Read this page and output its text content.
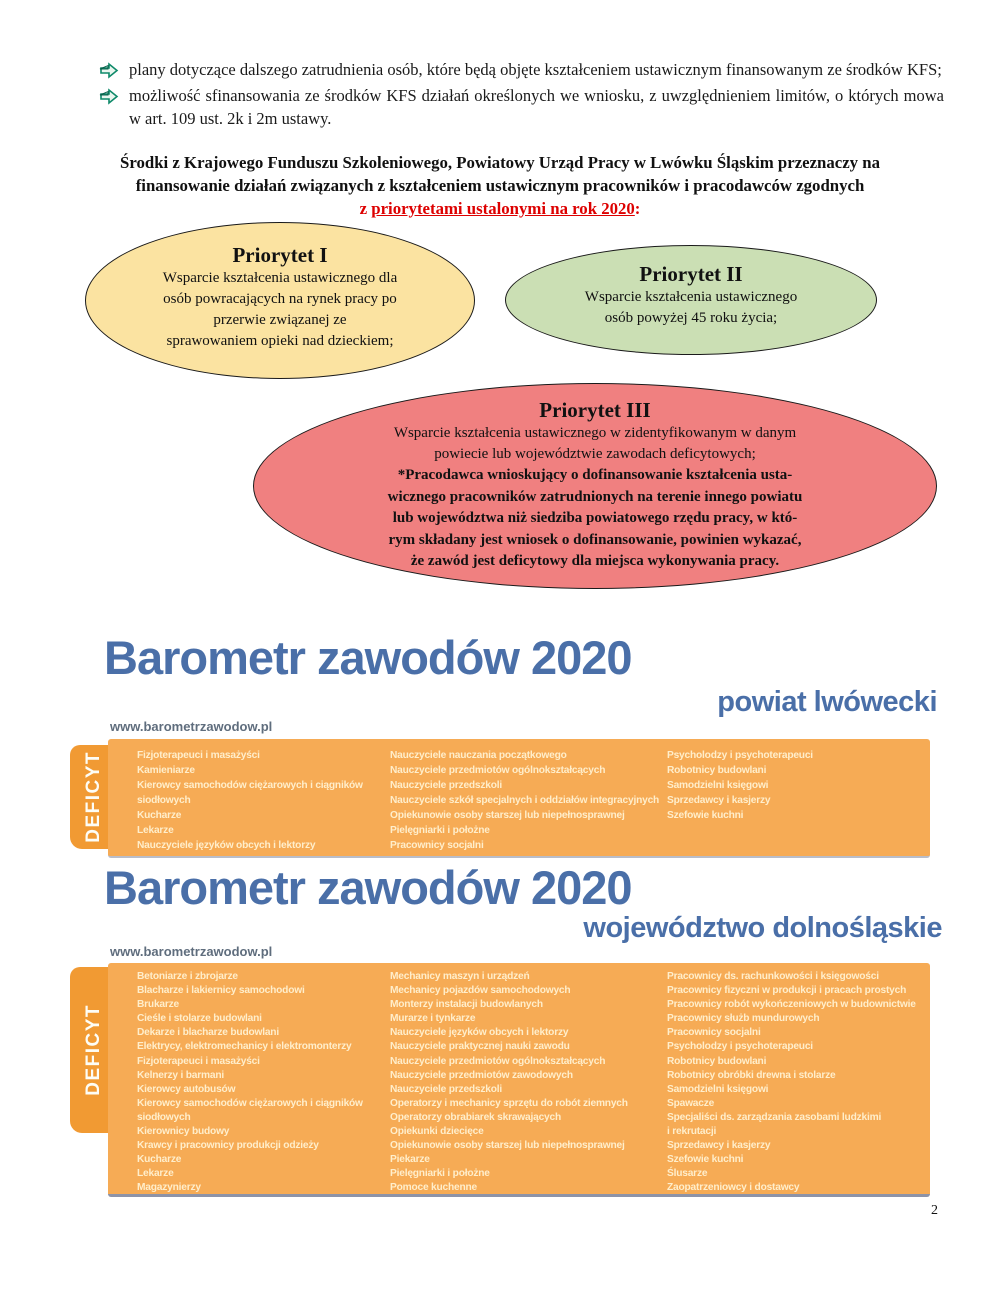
plany dotyczące dalszego zatrudnienia osób, które będą objęte kształceniem ustawicznym finansowanym ze środków KFS;
możliwość sfinansowania ze środków KFS działań określonych we wniosku, z uwzględnieniem limitów, o których mowa w art. 109 ust. 2k i 2m ustawy.
Środki z Krajowego Funduszu Szkoleniowego, Powiatowy Urząd Pracy w Lwówku Śląskim przeznaczy na
finansowanie działań związanych z kształceniem ustawicznym pracowników i pracodawców zgodnych
z priorytetami ustalonymi na rok 2020:
Priorytet I
Wsparcie kształcenia ustawicznego dla
osób powracających na rynek pracy po
przerwie związanej ze
sprawowaniem opieki nad dzieckiem;
Priorytet II
Wsparcie kształcenia ustawicznego
osób powyżej 45 roku życia;
Priorytet III
Wsparcie kształcenia ustawicznego w zidentyfikowanym w danym
powiecie lub województwie zawodach deficytowych;
*Pracodawca wnioskujący o dofinansowanie kształcenia usta-
wicznego pracowników zatrudnionych na terenie innego powiatu
lub województwa niż siedziba powiatowego rzędu pracy, w któ-
rym składany jest wniosek o dofinansowanie, powinien wykazać,
że zawód jest deficytowy dla miejsca wykonywania pracy.
Barometr zawodów 2020
powiat lwówecki
www.barometrzawodow.pl
DEFICYT	Fizjoterapeuci i masażyści
Kamieniarze
Kierowcy samochodów ciężarowych i ciągników
siodłowych
Kucharze
Lekarze
Nauczyciele języków obcych i lektorzy
Nauczyciele nauczania początkowego
Nauczyciele przedmiotów ogólnokształcących
Nauczyciele przedszkoli
Nauczyciele szkół specjalnych i oddziałów integracyjnych
Opiekunowie osoby starszej lub niepełnosprawnej
Pielęgniarki i położne
Pracownicy socjalni
Psycholodzy i psychoterapeuci
Robotnicy budowlani
Samodzielni księgowi
Sprzedawcy i kasjerzy
Szefowie kuchni
Barometr zawodów 2020
województwo dolnośląskie
www.barometrzawodow.pl
DEFICYT
Betoniarze i zbrojarze
Blacharze i lakiernicy samochodowi
Brukarze
Cieśle i stolarze budowlani
Dekarze i blacharze budowlani
Elektrycy, elektromechanicy i elektromonterzy
Fizjoterapeuci i masażyści
Kelnerzy i barmani
Kierowcy autobusów
Kierowcy samochodów ciężarowych i ciągników
siodłowych
Kierownicy budowy
Krawcy i pracownicy produkcji odzieży
Kucharze
Lekarze
Magazynierzy
Mechanicy maszyn i urządzeń
Mechanicy pojazdów samochodowych
Monterzy instalacji budowlanych
Murarze i tynkarze
Nauczyciele języków obcych i lektorzy
Nauczyciele praktycznej nauki zawodu
Nauczyciele przedmiotów ogólnokształcących
Nauczyciele przedmiotów zawodowych
Nauczyciele przedszkoli
Operatorzy i mechanicy sprzętu do robót ziemnych
Operatorzy obrabiarek skrawających
Opiekunki dziecięce
Opiekunowie osoby starszej lub niepełnosprawnej
Piekarze
Pielęgniarki i położne
Pomoce kuchenne
Pracownicy ds. rachunkowości i księgowości
Pracownicy fizyczni w produkcji i pracach prostych
Pracownicy robót wykończeniowych w budownictwie
Pracownicy służb mundurowych
Pracownicy socjalni
Psycholodzy i psychoterapeuci
Robotnicy budowlani
Robotnicy obróbki drewna i stolarze
Samodzielni księgowi
Spawacze
Specjaliści ds. zarządzania zasobami ludzkimi
i rekrutacji
Sprzedawcy i kasjerzy
Szefowie kuchni
Ślusarze
Zaopatrzeniowcy i dostawcy
2
